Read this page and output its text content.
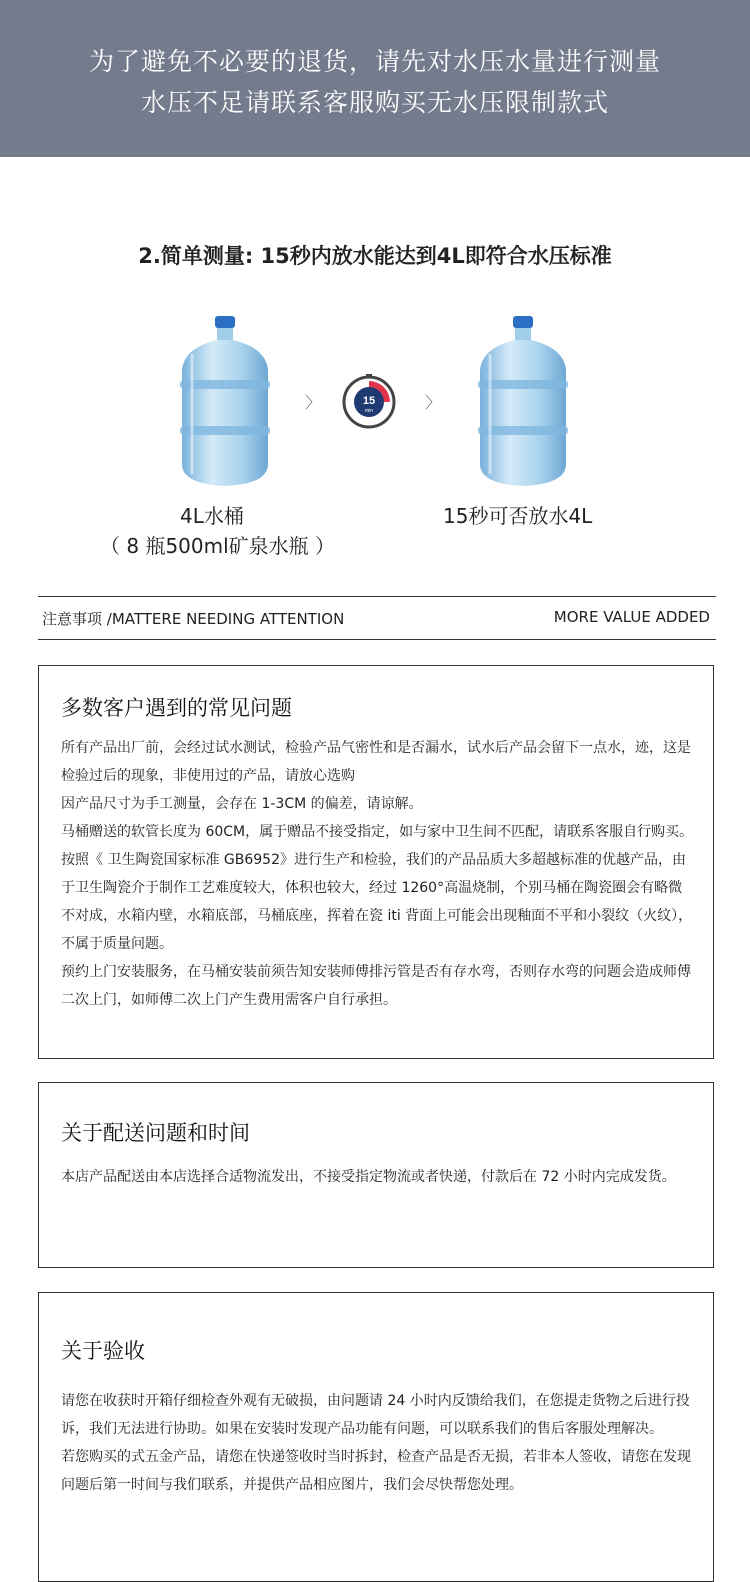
为了避免不必要的退货，请先对水压水量进行测量
水压不足请联系客服购买无水压限制款式
2.简单测量: 15秒内放水能达到4L即符合水压标准
〉	15
min	〉
4L水桶
（ 8 瓶500ml矿泉水瓶 ）
15秒可否放水4L
注意事项 /MATTERE NEEDING ATTENTION	MORE VALUE ADDED
多数客户遇到的常见问题

所有产品出厂前，会经过试水测试，检验产品气密性和是否漏水，试水后产品会留下一点水，迹，这是检验过后的现象，非使用过的产品，请放心选购

因产品尺寸为手工测量，会存在 1-3CM 的偏差，请谅解。

马桶赠送的软管长度为 60CM，属于赠品不接受指定，如与家中卫生间不匹配，请联系客服自行购买。

按照《 卫生陶瓷国家标准 GB6952》进行生产和检验，我们的产品品质大多超越标准的优越产品，由于卫生陶瓷介于制作工艺难度较大，体积也较大，经过 1260°高温烧制，个别马桶在陶瓷圈会有略微不对成，水箱内壁，水箱底部，马桶底座，挥着在瓷 iti 背面上可能会出现釉面不平和小裂纹（火纹），不属于质量问题。

预约上门安装服务，在马桶安装前须告知安装师傅排污管是否有存水弯，否则存水弯的问题会造成师傅二次上门，如师傅二次上门产生费用需客户自行承担。

关于配送问题和时间

本店产品配送由本店选择合适物流发出，不接受指定物流或者快递，付款后在 72 小时内完成发货。

关于验收

请您在收获时开箱仔细检查外观有无破损，由问题请 24 小时内反馈给我们，在您提走货物之后进行投诉，我们无法进行协助。如果在安装时发现产品功能有问题，可以联系我们的售后客服处理解决。

若您购买的式五金产品，请您在快递签收时当时拆封，检查产品是否无损，若非本人签收，请您在发现问题后第一时间与我们联系，并提供产品相应图片，我们会尽快帮您处理。
